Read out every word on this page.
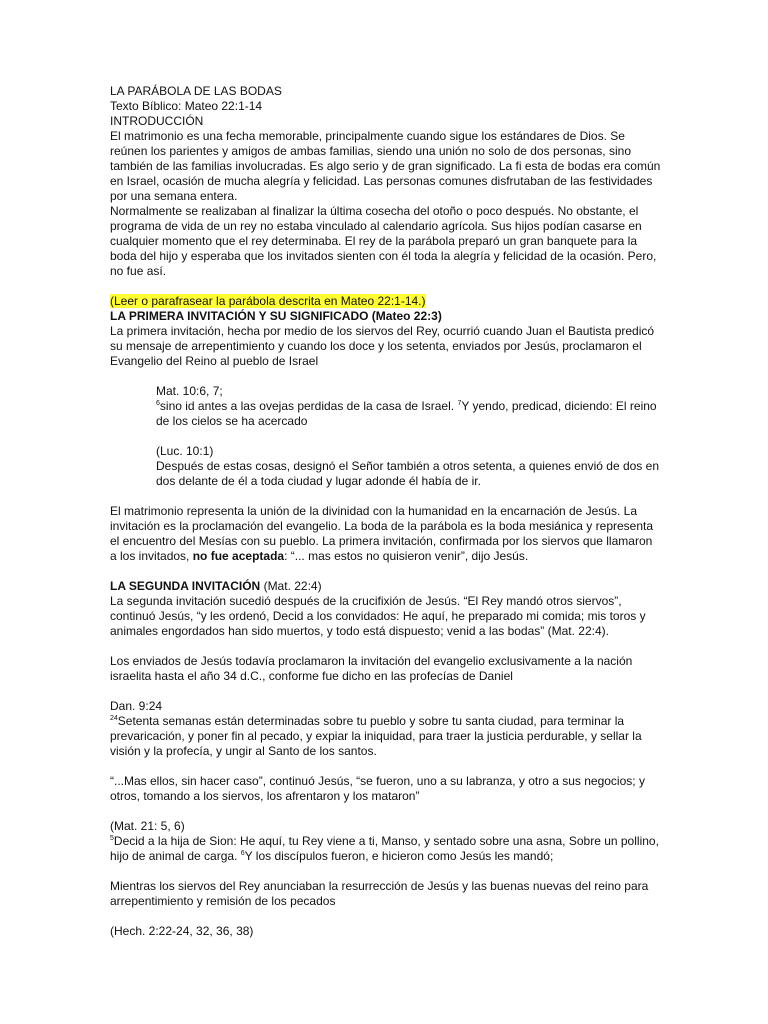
LA PARÁBOLA DE LAS BODAS

Texto Bíblico: Mateo 22:1-14

INTRODUCCIÓN

El matrimonio es una fecha memorable, principalmente cuando sigue los estándares de Dios. Se reúnen los parientes y amigos de ambas familias, siendo una unión no solo de dos personas, sino también de las familias involucradas. Es algo serio y de gran significado. La fi esta de bodas era común en Israel, ocasión de mucha alegría y felicidad. Las personas comunes disfrutaban de las festividades por una semana entera.

Normalmente se realizaban al finalizar la última cosecha del otoño o poco después. No obstante, el programa de vida de un rey no estaba vinculado al calendario agrícola. Sus hijos podían casarse en cualquier momento que el rey determinaba. El rey de la parábola preparó un gran banquete para la boda del hijo y esperaba que los invitados sienten con él toda la alegría y felicidad de la ocasión. Pero, no fue así.

(Leer o parafrasear la parábola descrita en Mateo 22:1-14.)

LA PRIMERA INVITACIÓN Y SU SIGNIFICADO (Mateo 22:3)

La primera invitación, hecha por medio de los siervos del Rey, ocurrió cuando Juan el Bautista predicó su mensaje de arrepentimiento y cuando los doce y los setenta, enviados por Jesús, proclamaron el Evangelio del Reino al pueblo de Israel

Mat. 10:6, 7;

$^6$sino id antes a las ovejas perdidas de la casa de Israel. $^7$Y yendo, predicad, diciendo: El reino de los cielos se ha acercado

(Luc. 10:1)

Después de estas cosas, designó el Señor también a otros setenta, a quienes envió de dos en dos delante de él a toda ciudad y lugar adonde él había de ir.

El matrimonio representa la unión de la divinidad con la humanidad en la encarnación de Jesús. La invitación es la proclamación del evangelio. La boda de la parábola es la boda mesiánica y representa el encuentro del Mesías con su pueblo. La primera invitación, confirmada por los siervos que llamaron a los invitados, no fue aceptada: “... mas estos no quisieron venir”, dijo Jesús.

LA SEGUNDA INVITACIÓN (Mat. 22:4)

La segunda invitación sucedió después de la crucifixión de Jesús. “El Rey mandó otros siervos”, continuó Jesús, “y les ordenó, Decid a los convidados: He aquí, he preparado mi comida; mis toros y animales engordados han sido muertos, y todo está dispuesto; venid a las bodas” (Mat. 22:4).

Los enviados de Jesús todavía proclamaron la invitación del evangelio exclusivamente a la nación israelita hasta el año 34 d.C., conforme fue dicho en las profecías de Daniel

Dan. 9:24

$^{24}$Setenta semanas están determinadas sobre tu pueblo y sobre tu santa ciudad, para terminar la prevaricación, y poner fin al pecado, y expiar la iniquidad, para traer la justicia perdurable, y sellar la visión y la profecía, y ungir al Santo de los santos.

“...Mas ellos, sin hacer caso”, continuó Jesús, “se fueron, uno a su labranza, y otro a sus negocios; y otros, tomando a los siervos, los afrentaron y los mataron”

(Mat. 21: 5, 6)

$^5$Decid a la hija de Sion: He aquí, tu Rey viene a ti, Manso, y sentado sobre una asna, Sobre un pollino, hijo de animal de carga. $^6$Y los discípulos fueron, e hicieron como Jesús les mandó;

Mientras los siervos del Rey anunciaban la resurrección de Jesús y las buenas nuevas del reino para arrepentimiento y remisión de los pecados

(Hech. 2:22-24, 32, 36, 38)
